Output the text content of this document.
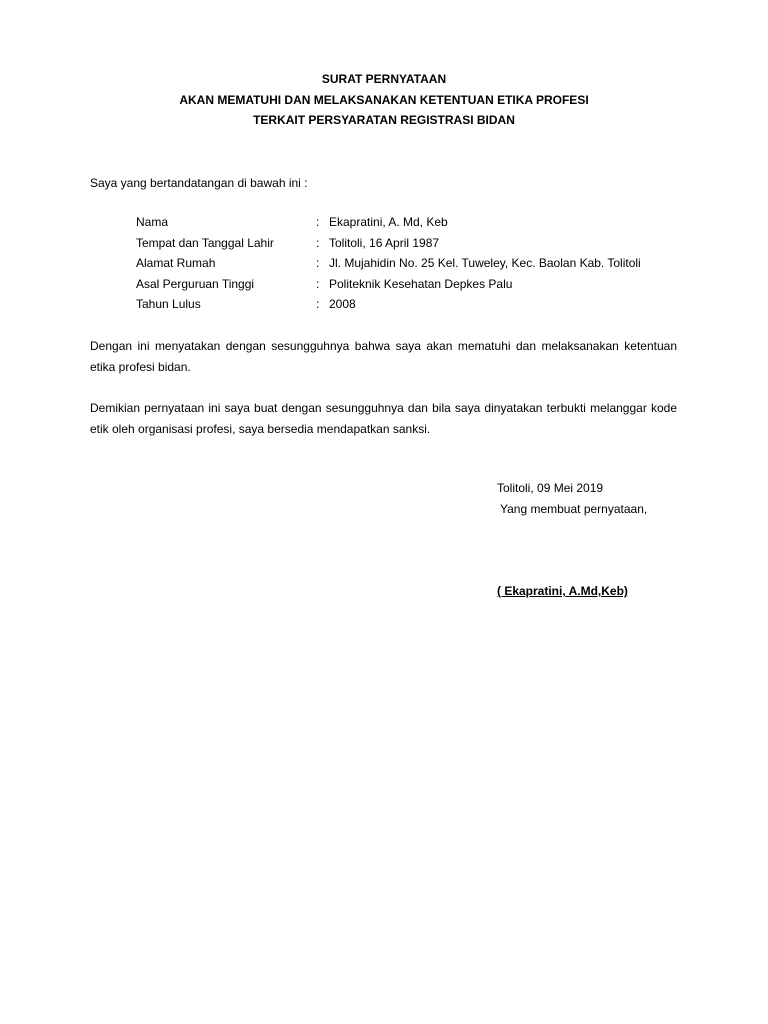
SURAT PERNYATAAN
AKAN MEMATUHI DAN MELAKSANAKAN KETENTUAN ETIKA PROFESI
TERKAIT PERSYARATAN REGISTRASI BIDAN
Saya yang bertandatangan di bawah ini :
Nama	: Ekapratini, A. Md, Keb
Tempat dan Tanggal Lahir	: Tolitoli, 16 April 1987
Alamat Rumah	: Jl. Mujahidin No. 25 Kel. Tuweley, Kec. Baolan Kab. Tolitoli
Asal Perguruan Tinggi	: Politeknik Kesehatan Depkes Palu
Tahun Lulus	: 2008
Dengan ini menyatakan dengan sesungguhnya bahwa saya akan mematuhi dan melaksanakan ketentuan etika profesi bidan.
Demikian pernyataan ini saya buat dengan sesungguhnya dan bila saya dinyatakan terbukti melanggar kode etik oleh organisasi profesi, saya bersedia mendapatkan sanksi.
Tolitoli, 09 Mei 2019
Yang membuat pernyataan,
( Ekapratini, A.Md,Keb)
